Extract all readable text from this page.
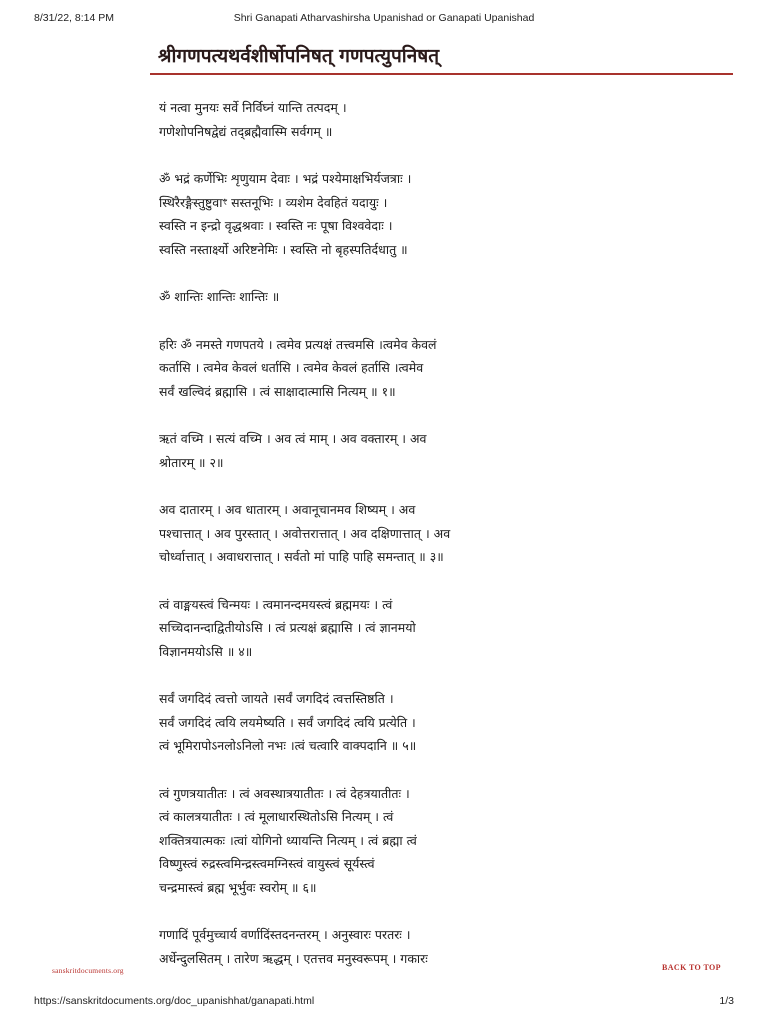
8/31/22, 8:14 PM	Shri Ganapati Atharvashirsha Upanishad or Ganapati Upanishad
श्रीगणपत्यथर्वशीर्षोपनिषत् गणपत्युपनिषत्
यं नत्वा मुनयः सर्वे निर्विघ्नं यान्ति तत्पदम् ।
गणेशोपनिषद्वेद्यं तद्ब्रह्मैवास्मि सर्वगम् ॥
ॐ भद्रं कर्णेभिः शृणुयाम देवाः । भद्रं पश्येमाक्षभिर्यजत्राः ।
स्थिरैरङ्गैस्तुष्टुवाꣳ सस्तनूभिः । व्यशेम देवहितं यदायुः ।
स्वस्ति न इन्द्रो वृद्धश्रवाः । स्वस्ति नः पूषा विश्ववेदाः ।
स्वस्ति नस्तार्क्ष्यो अरिष्टनेमिः । स्वस्ति नो बृहस्पतिर्दधातु ॥
ॐ शान्तिः शान्तिः शान्तिः ॥
हरिः ॐ नमस्ते गणपतये । त्वमेव प्रत्यक्षं तत्त्वमसि ।त्वमेव केवलं
कर्तासि । त्वमेव केवलं धर्तासि । त्वमेव केवलं हर्तासि ।त्वमेव
सर्वं खल्विदं ब्रह्मासि । त्वं साक्षादात्मासि नित्यम् ॥ १॥
ऋतं वच्मि । सत्यं वच्मि । अव त्वं माम् । अव वक्तारम् । अव
श्रोतारम् ॥ २॥
अव दातारम् । अव धातारम् । अवानूचानमव शिष्यम् । अव
पश्चात्तात् । अव पुरस्तात् । अवोत्तरात्तात् । अव दक्षिणात्तात् । अव
चोर्ध्वात्तात् । अवाधरात्तात् । सर्वतो मां पाहि पाहि समन्तात् ॥ ३॥
त्वं वाङ्मयस्त्वं चिन्मयः । त्वमानन्दमयस्त्वं ब्रह्ममयः । त्वं
सच्चिदानन्दाद्वितीयोऽसि । त्वं प्रत्यक्षं ब्रह्मासि । त्वं ज्ञानमयो
विज्ञानमयोऽसि ॥ ४॥
सर्वं जगदिदं त्वत्तो जायते ।सर्वं जगदिदं त्वत्तस्तिष्ठति ।
सर्वं जगदिदं त्वयि लयमेष्यति । सर्वं जगदिदं त्वयि प्रत्येति ।
त्वं भूमिरापोऽनलोऽनिलो नभः ।त्वं चत्वारि वाक्पदानि ॥ ५॥
त्वं गुणत्रयातीतः । त्वं अवस्थात्रयातीतः । त्वं देहत्रयातीतः ।
त्वं कालत्रयातीतः । त्वं मूलाधारस्थितोऽसि नित्यम् । त्वं
शक्तित्रयात्मकः ।त्वां योगिनो ध्यायन्ति नित्यम् । त्वं ब्रह्मा त्वं
विष्णुस्त्वं रुद्रस्त्वमिन्द्रस्त्वमग्निस्त्वं वायुस्त्वं सूर्यस्त्वं
चन्द्रमास्त्वं ब्रह्म भूर्भुवः स्वरोम् ॥ ६॥
गणादिं पूर्वमुच्चार्य वर्णादिंस्तदनन्तरम् । अनुस्वारः परतरः ।
अर्धेन्दुलसितम् । तारेण ऋद्धम् । एतत्तव मनुस्वरूपम् । गकारः
sanskritdocuments.org	BACK TO TOP
https://sanskritdocuments.org/doc_upanishhat/ganapati.html	1/3
